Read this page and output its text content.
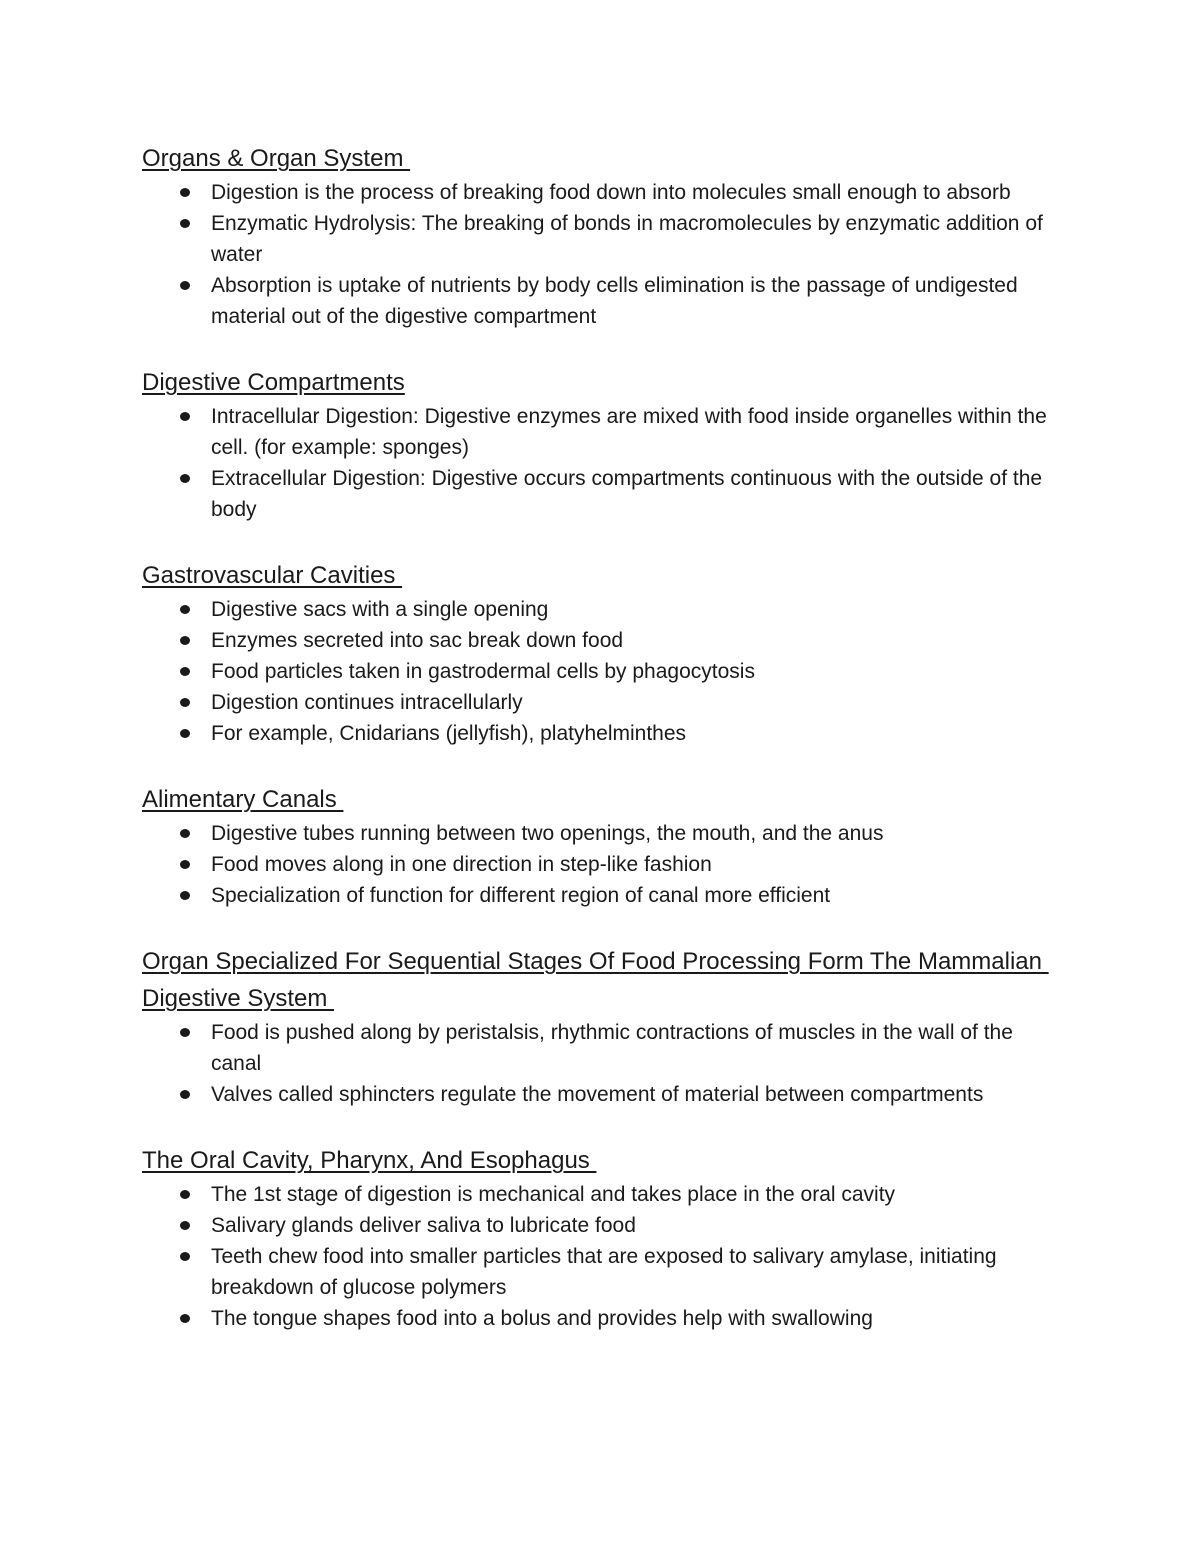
Organs & Organ System
Digestion is the process of breaking food down into molecules small enough to absorb
Enzymatic Hydrolysis: The breaking of bonds in macromolecules by enzymatic addition of water
Absorption is uptake of nutrients by body cells elimination is the passage of undigested material out of the digestive compartment
Digestive Compartments
Intracellular Digestion: Digestive enzymes are mixed with food inside organelles within the cell. (for example: sponges)
Extracellular Digestion: Digestive occurs compartments continuous with the outside of the body
Gastrovascular Cavities
Digestive sacs with a single opening
Enzymes secreted into sac break down food
Food particles taken in gastrodermal cells by phagocytosis
Digestion continues intracellularly
For example, Cnidarians (jellyfish), platyhelminthes
Alimentary Canals
Digestive tubes running between two openings, the mouth, and the anus
Food moves along in one direction in step-like fashion
Specialization of function for different region of canal more efficient
Organ Specialized For Sequential Stages Of Food Processing Form The Mammalian Digestive System
Food is pushed along by peristalsis, rhythmic contractions of muscles in the wall of the canal
Valves called sphincters regulate the movement of material between compartments
The Oral Cavity, Pharynx, And Esophagus
The 1st stage of digestion is mechanical and takes place in the oral cavity
Salivary glands deliver saliva to lubricate food
Teeth chew food into smaller particles that are exposed to salivary amylase, initiating breakdown of glucose polymers
The tongue shapes food into a bolus and provides help with swallowing
